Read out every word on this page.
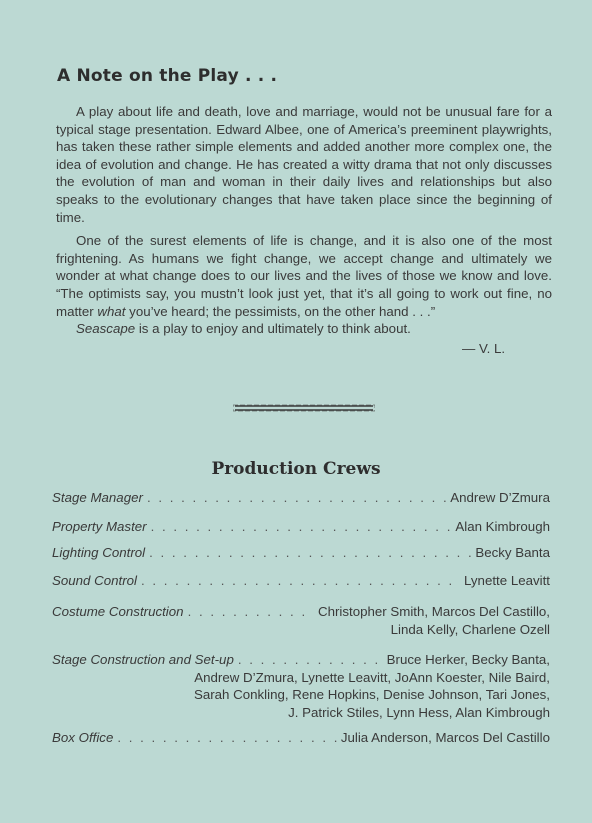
A Note on the Play . . .

A play about life and death, love and marriage, would not be unusual fare for a typical stage presentation. Edward Albee, one of America’s preeminent playwrights, has taken these rather simple elements and added another more complex one, the idea of evolution and change. He has created a witty drama that not only discusses the evolution of man and woman in their daily lives and relationships but also speaks to the evolutionary changes that have taken place since the beginning of time.

One of the surest elements of life is change, and it is also one of the most frightening. As humans we fight change, we accept change and ultimately we wonder at what change does to our lives and the lives of those we know and love. “The optimists say, you mustn’t look just yet, that it’s all going to work out fine, no matter what you’ve heard; the pessimists, on the other hand . . .”

Seascape is a play to enjoy and ultimately to think about.

— V. L.
Production Crews
Stage Manager . . .	Andrew D’Zmura
Property Master . . .	Alan Kimbrough
Lighting Control . . .	Becky Banta
Sound Control . . .	Lynette Leavitt
Costume Construction . . .	Christopher Smith, Marcos Del Castillo,
Linda Kelly, Charlene Ozell
Stage Construction and Set-up . . .	Bruce Herker, Becky Banta,
Andrew D’Zmura, Lynette Leavitt, JoAnn Koester, Nile Baird,
Sarah Conkling, Rene Hopkins, Denise Johnson, Tari Jones,
J. Patrick Stiles, Lynn Hess, Alan Kimbrough
Box Office . . .	Julia Anderson, Marcos Del Castillo
